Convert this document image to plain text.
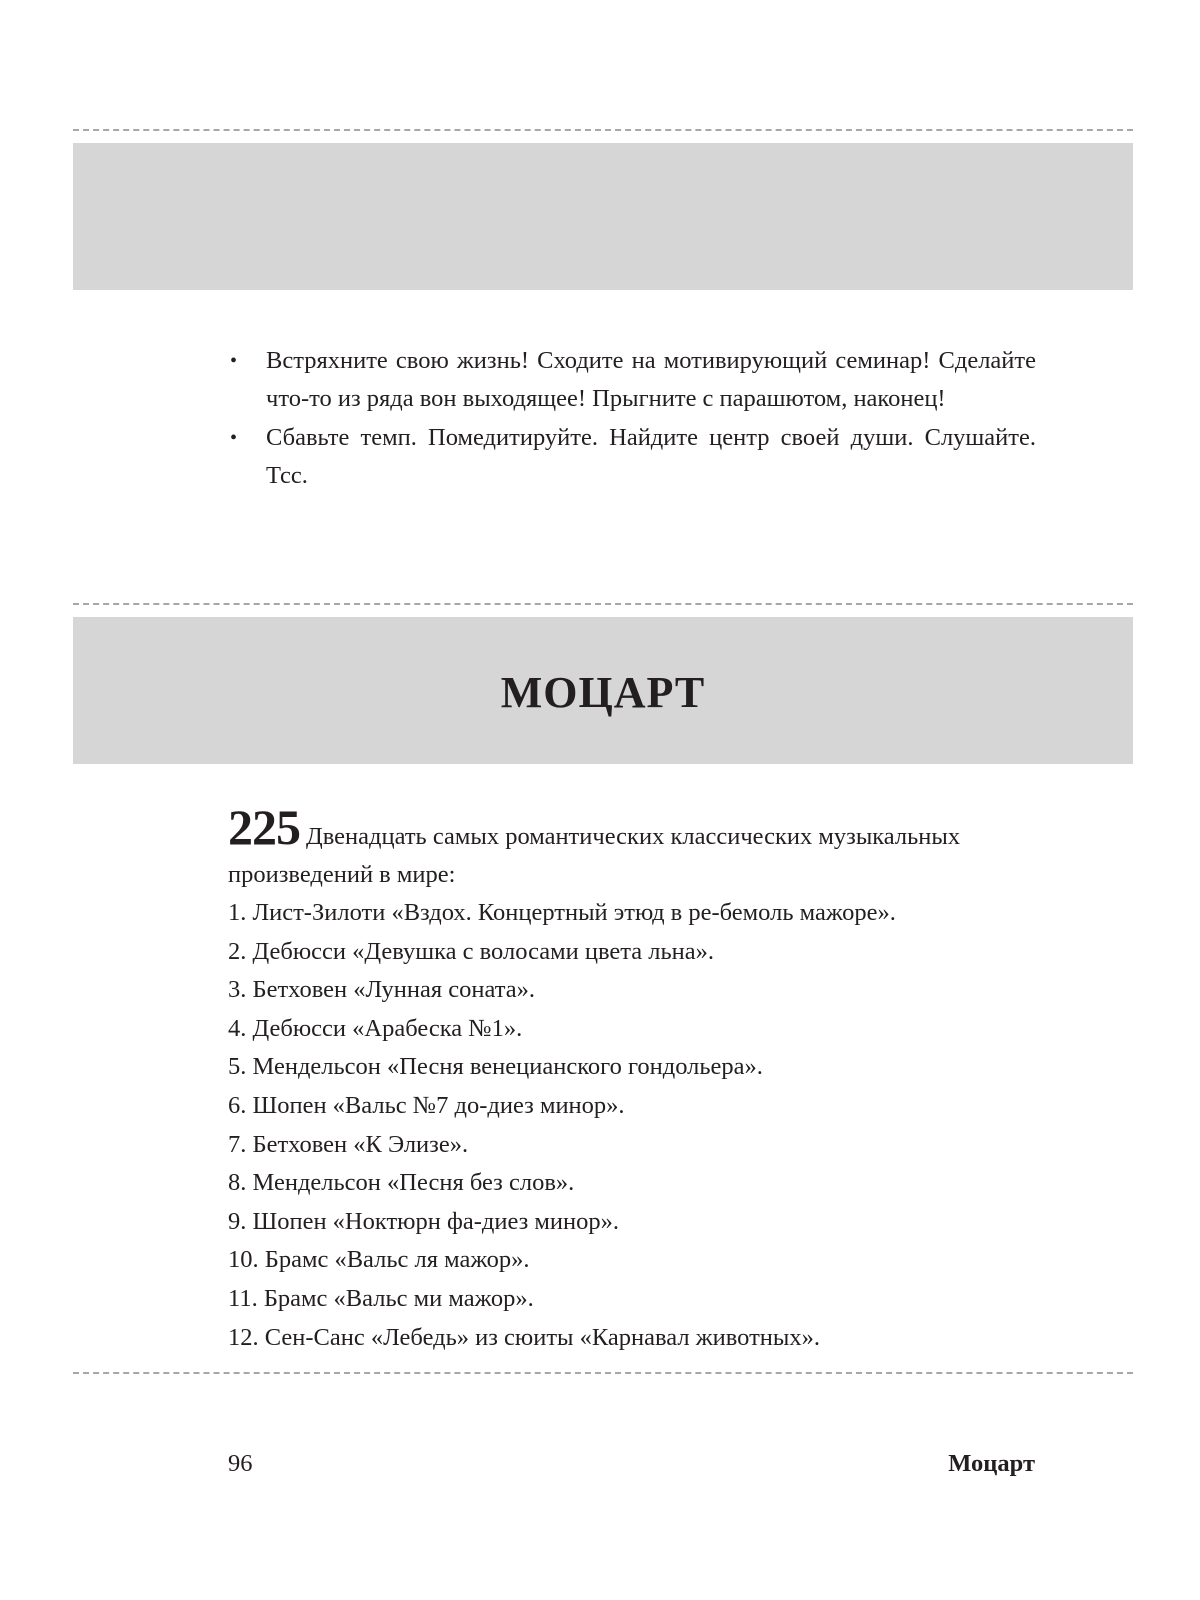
• Встряхните свою жизнь! Сходите на мотивирующий семинар! Сделайте что-то из ряда вон выходящее! Прыгните с парашютом, наконец!
• Сбавьте темп. Помедитируйте. Найдите центр своей души. Слушайте. Тсс.
МОЦАРТ
225 Двенадцать самых романтических классических музыкальных произведений в мире:
1. Лист-Зилоти «Вздох. Концертный этюд в ре-бемоль мажоре».
2. Дебюсси «Девушка с волосами цвета льна».
3. Бетховен «Лунная соната».
4. Дебюсси «Арабеска №1».
5. Мендельсон «Песня венецианского гондольера».
6. Шопен «Вальс №7 до-диез минор».
7. Бетховен «К Элизе».
8. Мендельсон «Песня без слов».
9. Шопен «Ноктюрн фа-диез минор».
10. Брамс «Вальс ля мажор».
11. Брамс «Вальс ми мажор».
12. Сен-Санс «Лебедь» из сюиты «Карнавал животных».
96	Моцарт
